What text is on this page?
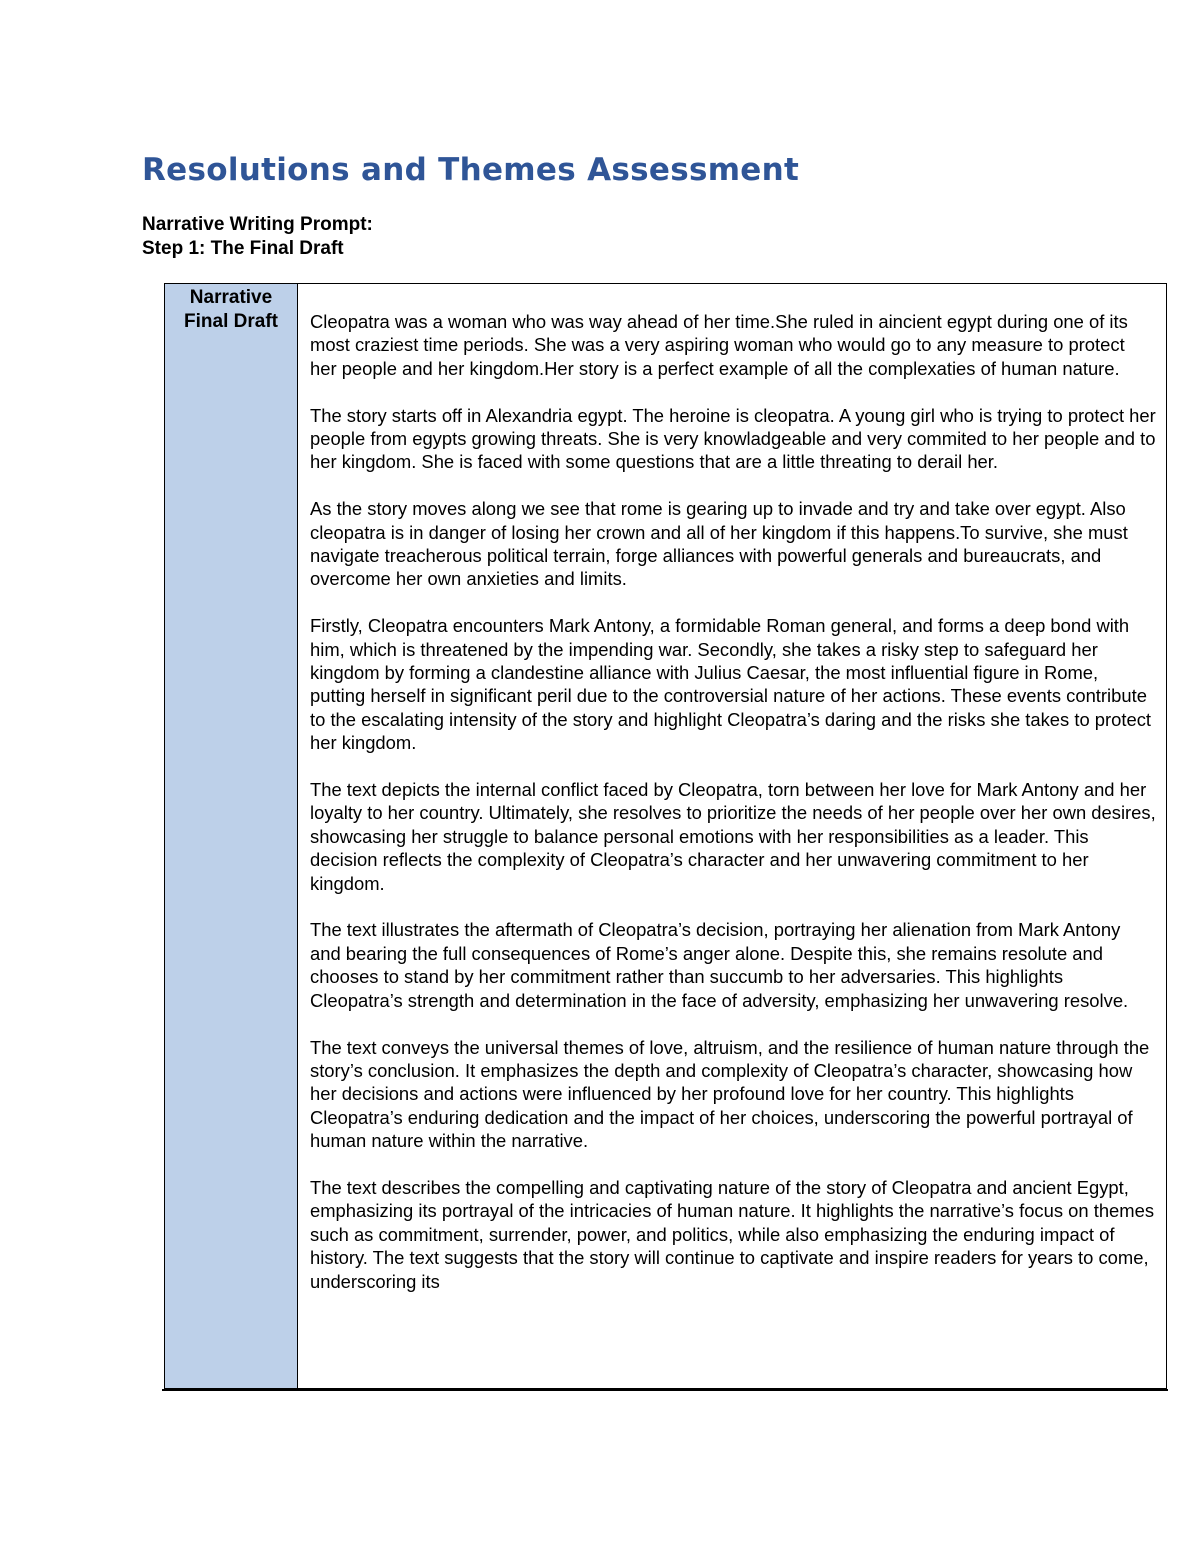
Resolutions and Themes Assessment
Narrative Writing Prompt:
Step 1: The Final Draft
Narrative
Final Draft	Cleopatra was a woman who was way ahead of her time.She ruled in aincient egypt during one of its most craziest time periods. She was a very aspiring woman who would go to any measure to protect her people and her kingdom.Her story is a perfect example of all the complexaties of human nature.

The story starts off in Alexandria egypt. The heroine is cleopatra. A young girl who is trying to protect her people from egypts growing threats. She is very knowladgeable and very commited to her people and to her kingdom. She is faced with some questions that are a little threating to derail her.

As the story moves along we see that rome is gearing up to invade and try and take over egypt. Also cleopatra is in danger of losing her crown and all of her kingdom if this happens.To survive, she must navigate treacherous political terrain, forge alliances with powerful generals and bureaucrats, and overcome her own anxieties and limits.

Firstly, Cleopatra encounters Mark Antony, a formidable Roman general, and forms a deep bond with him, which is threatened by the impending war. Secondly, she takes a risky step to safeguard her kingdom by forming a clandestine alliance with Julius Caesar, the most influential figure in Rome, putting herself in significant peril due to the controversial nature of her actions. These events contribute to the escalating intensity of the story and highlight Cleopatra’s daring and the risks she takes to protect her kingdom.

The text depicts the internal conflict faced by Cleopatra, torn between her love for Mark Antony and her loyalty to her country. Ultimately, she resolves to prioritize the needs of her people over her own desires, showcasing her struggle to balance personal emotions with her responsibilities as a leader. This decision reflects the complexity of Cleopatra’s character and her unwavering commitment to her kingdom.

The text illustrates the aftermath of Cleopatra’s decision, portraying her alienation from Mark Antony and bearing the full consequences of Rome’s anger alone. Despite this, she remains resolute and chooses to stand by her commitment rather than succumb to her adversaries. This highlights Cleopatra’s strength and determination in the face of adversity, emphasizing her unwavering resolve.

The text conveys the universal themes of love, altruism, and the resilience of human nature through the story’s conclusion. It emphasizes the depth and complexity of Cleopatra’s character, showcasing how her decisions and actions were influenced by her profound love for her country. This highlights Cleopatra’s enduring dedication and the impact of her choices, underscoring the powerful portrayal of human nature within the narrative.

The text describes the compelling and captivating nature of the story of Cleopatra and ancient Egypt, emphasizing its portrayal of the intricacies of human nature. It highlights the narrative’s focus on themes such as commitment, surrender, power, and politics, while also emphasizing the enduring impact of history. The text suggests that the story will continue to captivate and inspire readers for years to come, underscoring its
